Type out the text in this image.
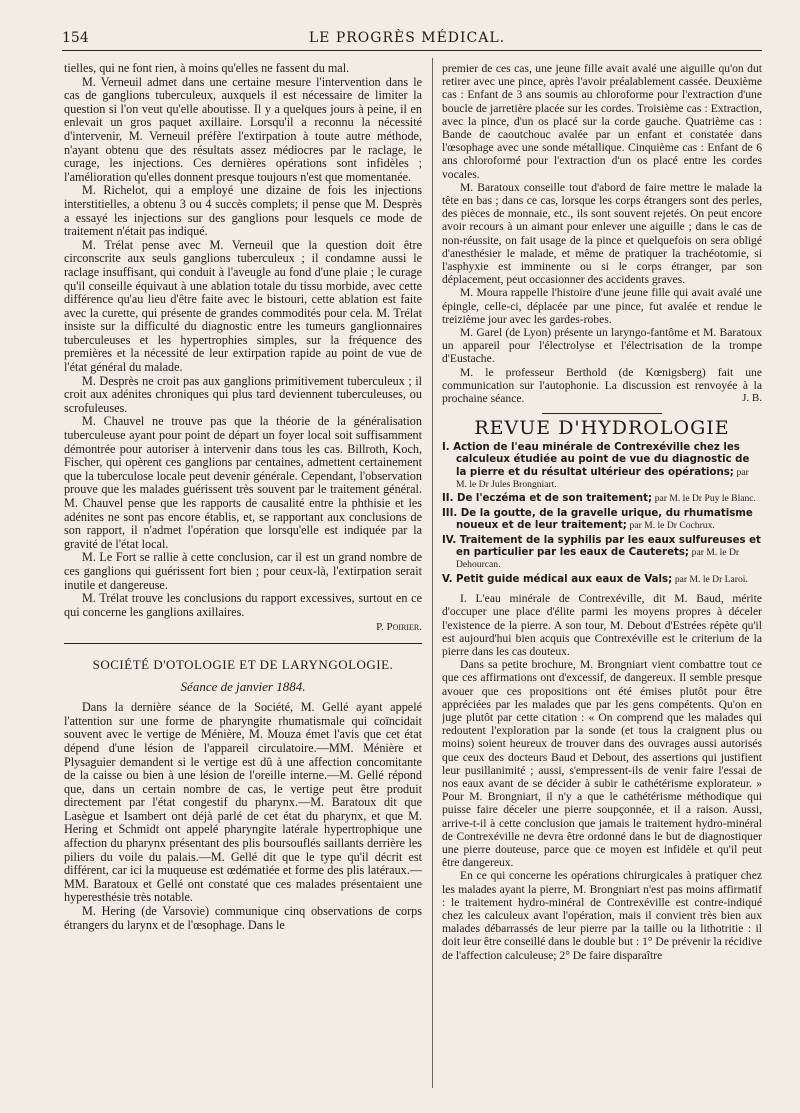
154	LE PROGRÈS MÉDICAL.

tielles, qui ne font rien, à moins qu'elles ne fassent du mal.

M. Verneuil admet dans une certaine mesure l'intervention dans le cas de ganglions tuberculeux, auxquels il est nécessaire de limiter la question si l'on veut qu'elle aboutisse. Il y a quelques jours à peine, il en enlevait un gros paquet axillaire. Lorsqu'il a reconnu la nécessité d'intervenir, M. Verneuil préfère l'extirpation à toute autre méthode, n'ayant obtenu que des résultats assez médiocres par le raclage, le curage, les injections. Ces dernières opérations sont infidèles ; l'amélioration qu'elles donnent presque toujours n'est que momentanée.

M. Richelot, qui a employé une dizaine de fois les injections interstitielles, a obtenu 3 ou 4 succès complets; il pense que M. Desprès a essayé les injections sur des ganglions pour lesquels ce mode de traitement n'était pas indiqué.

M. Trélat pense avec M. Verneuil que la question doit être circonscrite aux seuls ganglions tuberculeux ; il condamne aussi le raclage insuffisant, qui conduit à l'aveugle au fond d'une plaie ; le curage qu'il conseille équivaut à une ablation totale du tissu morbide, avec cette différence qu'au lieu d'être faite avec le bistouri, cette ablation est faite avec la curette, qui présente de grandes commodités pour cela. M. Trélat insiste sur la difficulté du diagnostic entre les tumeurs ganglionnaires tuberculeuses et les hypertrophies simples, sur la fréquence des premières et la nécessité de leur extirpation rapide au point de vue de l'état général du malade.

M. Desprès ne croit pas aux ganglions primitivement tuberculeux ; il croit aux adénites chroniques qui plus tard deviennent tuberculeuses, ou scrofuleuses.

M. Chauvel ne trouve pas que la théorie de la généralisation tuberculeuse ayant pour point de départ un foyer local soit suffisamment démontrée pour autoriser à intervenir dans tous les cas. Billroth, Koch, Fischer, qui opèrent ces ganglions par centaines, admettent certainement que la tuberculose locale peut devenir générale. Cependant, l'observation prouve que les malades guérissent très souvent par le traitement général. M. Chauvel pense que les rapports de causalité entre la phthisie et les adénites ne sont pas encore établis, et, se rapportant aux conclusions de son rapport, il n'admet l'opération que lorsqu'elle est indiquée par la gravité de l'état local.

M. Le Fort se rallie à cette conclusion, car il est un grand nombre de ces ganglions qui guérissent fort bien ; pour ceux-là, l'extirpation serait inutile et dangereuse.

M. Trélat trouve les conclusions du rapport excessives, surtout en ce qui concerne les ganglions axillaires.

P. Poirier.
SOCIÉTÉ D'OTOLOGIE ET DE LARYNGOLOGIE.
Séance de janvier 1884.

Dans la dernière séance de la Société, M. Gellé ayant appelé l'attention sur une forme de pharyngite rhumatismale qui coïncidait souvent avec le vertige de Ménière, M. Mouza émet l'avis que cet état dépend d'une lésion de l'appareil circulatoire.—MM. Ménière et Plysaguier demandent si le vertige est dû à une affection concomitante de la caisse ou bien à une lésion de l'oreille interne.—M. Gellé répond que, dans un certain nombre de cas, le vertige peut être produit directement par l'état congestif du pharynx.—M. Baratoux dit que Lasègue et Isambert ont déjà parlé de cet état du pharynx, et que M. Hering et Schmidt ont appelé pharyngite latérale hypertrophique une affection du pharynx présentant des plis boursouflés saillants derrière les piliers du voile du palais.—M. Gellé dit que le type qu'il décrit est différent, car ici la muqueuse est œdématiée et forme des plis latéraux.—MM. Baratoux et Gellé ont constaté que ces malades présentaient une hyperesthésie très notable.

M. Hering (de Varsovie) communique cinq observations de corps étrangers du larynx et de l'œsophage. Dans le

premier de ces cas, une jeune fille avait avalé une aiguille qu'on dut retirer avec une pince, après l'avoir préalablement cassée. Deuxième cas : Enfant de 3 ans soumis au chloroforme pour l'extraction d'une boucle de jarretière placée sur les cordes. Troisième cas : Extraction, avec la pince, d'un os placé sur la corde gauche. Quatrième cas : Bande de caoutchouc avalée par un enfant et constatée dans l'œsophage avec une sonde métallique. Cinquième cas : Enfant de 6 ans chloroformé pour l'extraction d'un os placé entre les cordes vocales.

M. Baratoux conseille tout d'abord de faire mettre le malade la tête en bas ; dans ce cas, lorsque les corps étrangers sont des perles, des pièces de monnaie, etc., ils sont souvent rejetés. On peut encore avoir recours à un aimant pour enlever une aiguille ; dans le cas de non-réussite, on fait usage de la pince et quelquefois on sera obligé d'anesthésier le malade, et même de pratiquer la trachéotomie, si l'asphyxie est imminente ou si le corps étranger, par son déplacement, peut occasionner des accidents graves.

M. Moura rappelle l'histoire d'une jeune fille qui avait avalé une épingle, celle-ci, déplacée par une pince, fut avalée et rendue le treizième jour avec les gardes-robes.

M. Garel (de Lyon) présente un laryngo-fantôme et M. Baratoux un appareil pour l'électrolyse et l'électrisation de la trompe d'Eustache.

M. le professeur Berthold (de Kœnigsberg) fait une communication sur l'autophonie. La discussion est renvoyée à la prochaine séance.	J. B.
REVUE D'HYDROLOGIE
I. Action de l'eau minérale de Contrexéville chez les calculeux étudiée au point de vue du diagnostic de la pierre et du résultat ultérieur des opérations; par M. le Dr Jules Brongniart.
II. De l'eczéma et de son traitement; par M. le Dr Puy le Blanc.
III. De la goutte, de la gravelle urique, du rhumatisme noueux et de leur traitement; par M. le Dr Cochrux.
IV. Traitement de la syphilis par les eaux sulfureuses et en particulier par les eaux de Cauterets; par M. le Dr Dehourcan.
V. Petit guide médical aux eaux de Vals; par M. le Dr Laroi.

I. L'eau minérale de Contrexéville, dit M. Baud, mérite d'occuper une place d'élite parmi les moyens propres à déceler l'existence de la pierre. A son tour, M. Debout d'Estrées répète qu'il est aujourd'hui bien acquis que Contrexéville est le criterium de la pierre dans les cas douteux.

Dans sa petite brochure, M. Brongniart vient combattre tout ce que ces affirmations ont d'excessif, de dangereux. Il semble presque avouer que ces propositions ont été émises plutôt pour être appréciées par les malades que par les gens compétents. Qu'on en juge plutôt par cette citation : « On comprend que les malades qui redoutent l'exploration par la sonde (et tous la craignent plus ou moins) soient heureux de trouver dans des ouvrages aussi autorisés que ceux des docteurs Baud et Debout, des assertions qui justifient leur pusillanimité ; aussi, s'empressent-ils de venir faire l'essai de nos eaux avant de se décider à subir le cathétérisme explorateur. » Pour M. Brongniart, il n'y a que le cathétérisme méthodique qui puisse faire déceler une pierre soupçonnée, et il a raison. Aussi, arrive-t-il à cette conclusion que jamais le traitement hydro-minéral de Contrexéville ne devra être ordonné dans le but de diagnostiquer une pierre douteuse, parce que ce moyen est infidèle et qu'il peut être dangereux.

En ce qui concerne les opérations chirurgicales à pratiquer chez les malades ayant la pierre, M. Brongniart n'est pas moins affirmatif : le traitement hydro-minéral de Contrexéville est contre-indiqué chez les calculeux avant l'opération, mais il convient très bien aux malades débarrassés de leur pierre par la taille ou la lithotritie : il doit leur être conseillé dans le double but : 1° De prévenir la récidive de l'affection calculeuse; 2° De faire disparaître
